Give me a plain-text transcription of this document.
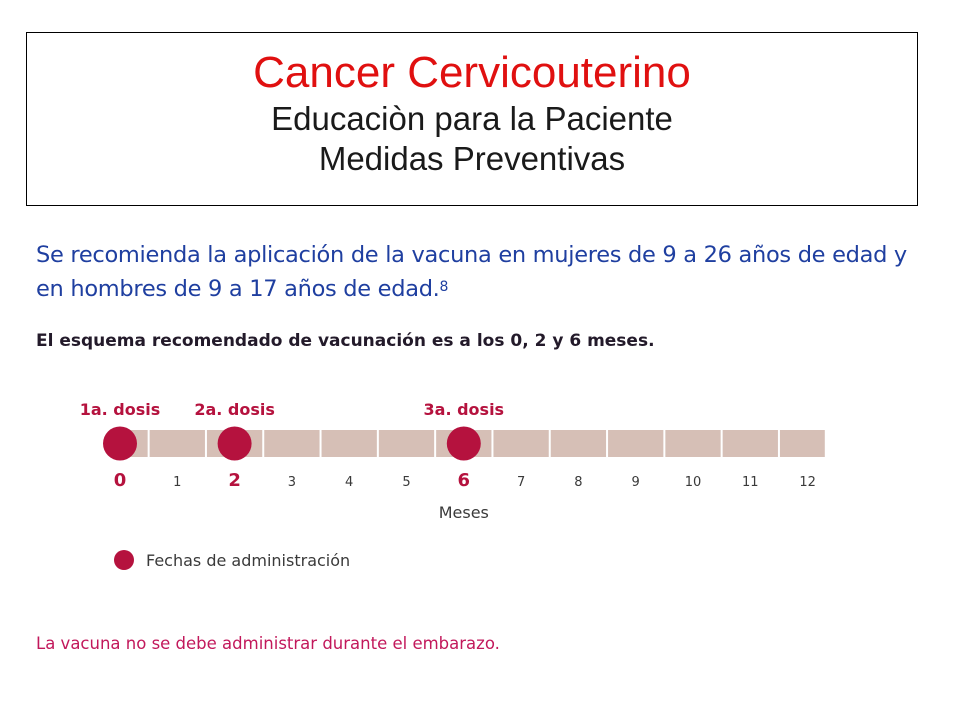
Cancer Cervicouterino
Educaciòn para la Paciente
Medidas Preventivas
Se recomienda la aplicación de la vacuna en mujeres de 9 a 26 años de edad y en hombres de 9 a 17 años de edad.$^8$
El esquema recomendado de vacunación es a los 0, 2 y 6 meses.
0	1	2	3	4	5	6	7	8	9	10	11	12
1a. dosis 2a. dosis	3a. dosis
Meses
Fechas de administración
La vacuna no se debe administrar durante el embarazo.
